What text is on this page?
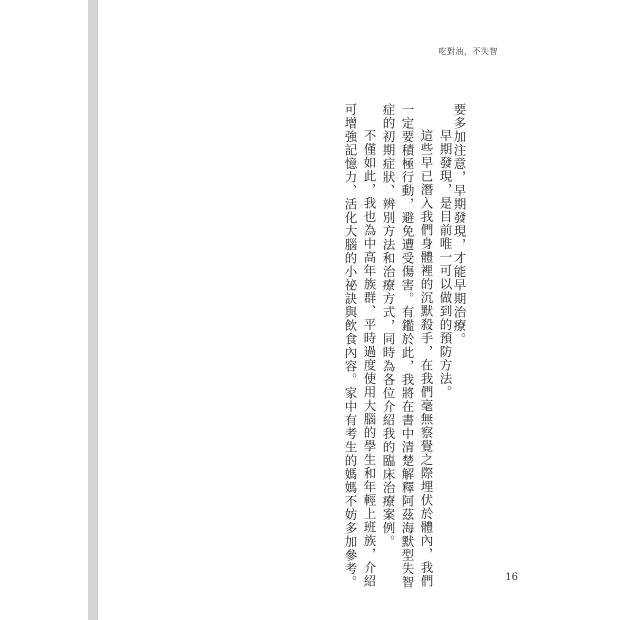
吃對油，不失智
要多加注意，早期發現，才能早期治療。
早期發現，是目前唯一可以做到的預防方法。
這些早已潛入我們身體裡的沉默殺手，在我們毫無察覺之際埋伏於體內，我們
一定要積極行動，避免遭受傷害。有鑑於此，我將在書中清楚解釋阿茲海默型失智
症的初期症狀、辨別方法和治療方式，同時為各位介紹我的臨床治療案例。
不僅如此，我也為中高年族群、平時過度使用大腦的學生和年輕上班族，介紹
可增強記憶力、活化大腦的小祕訣與飲食內容。家中有考生的媽媽不妨多加參考。	16
